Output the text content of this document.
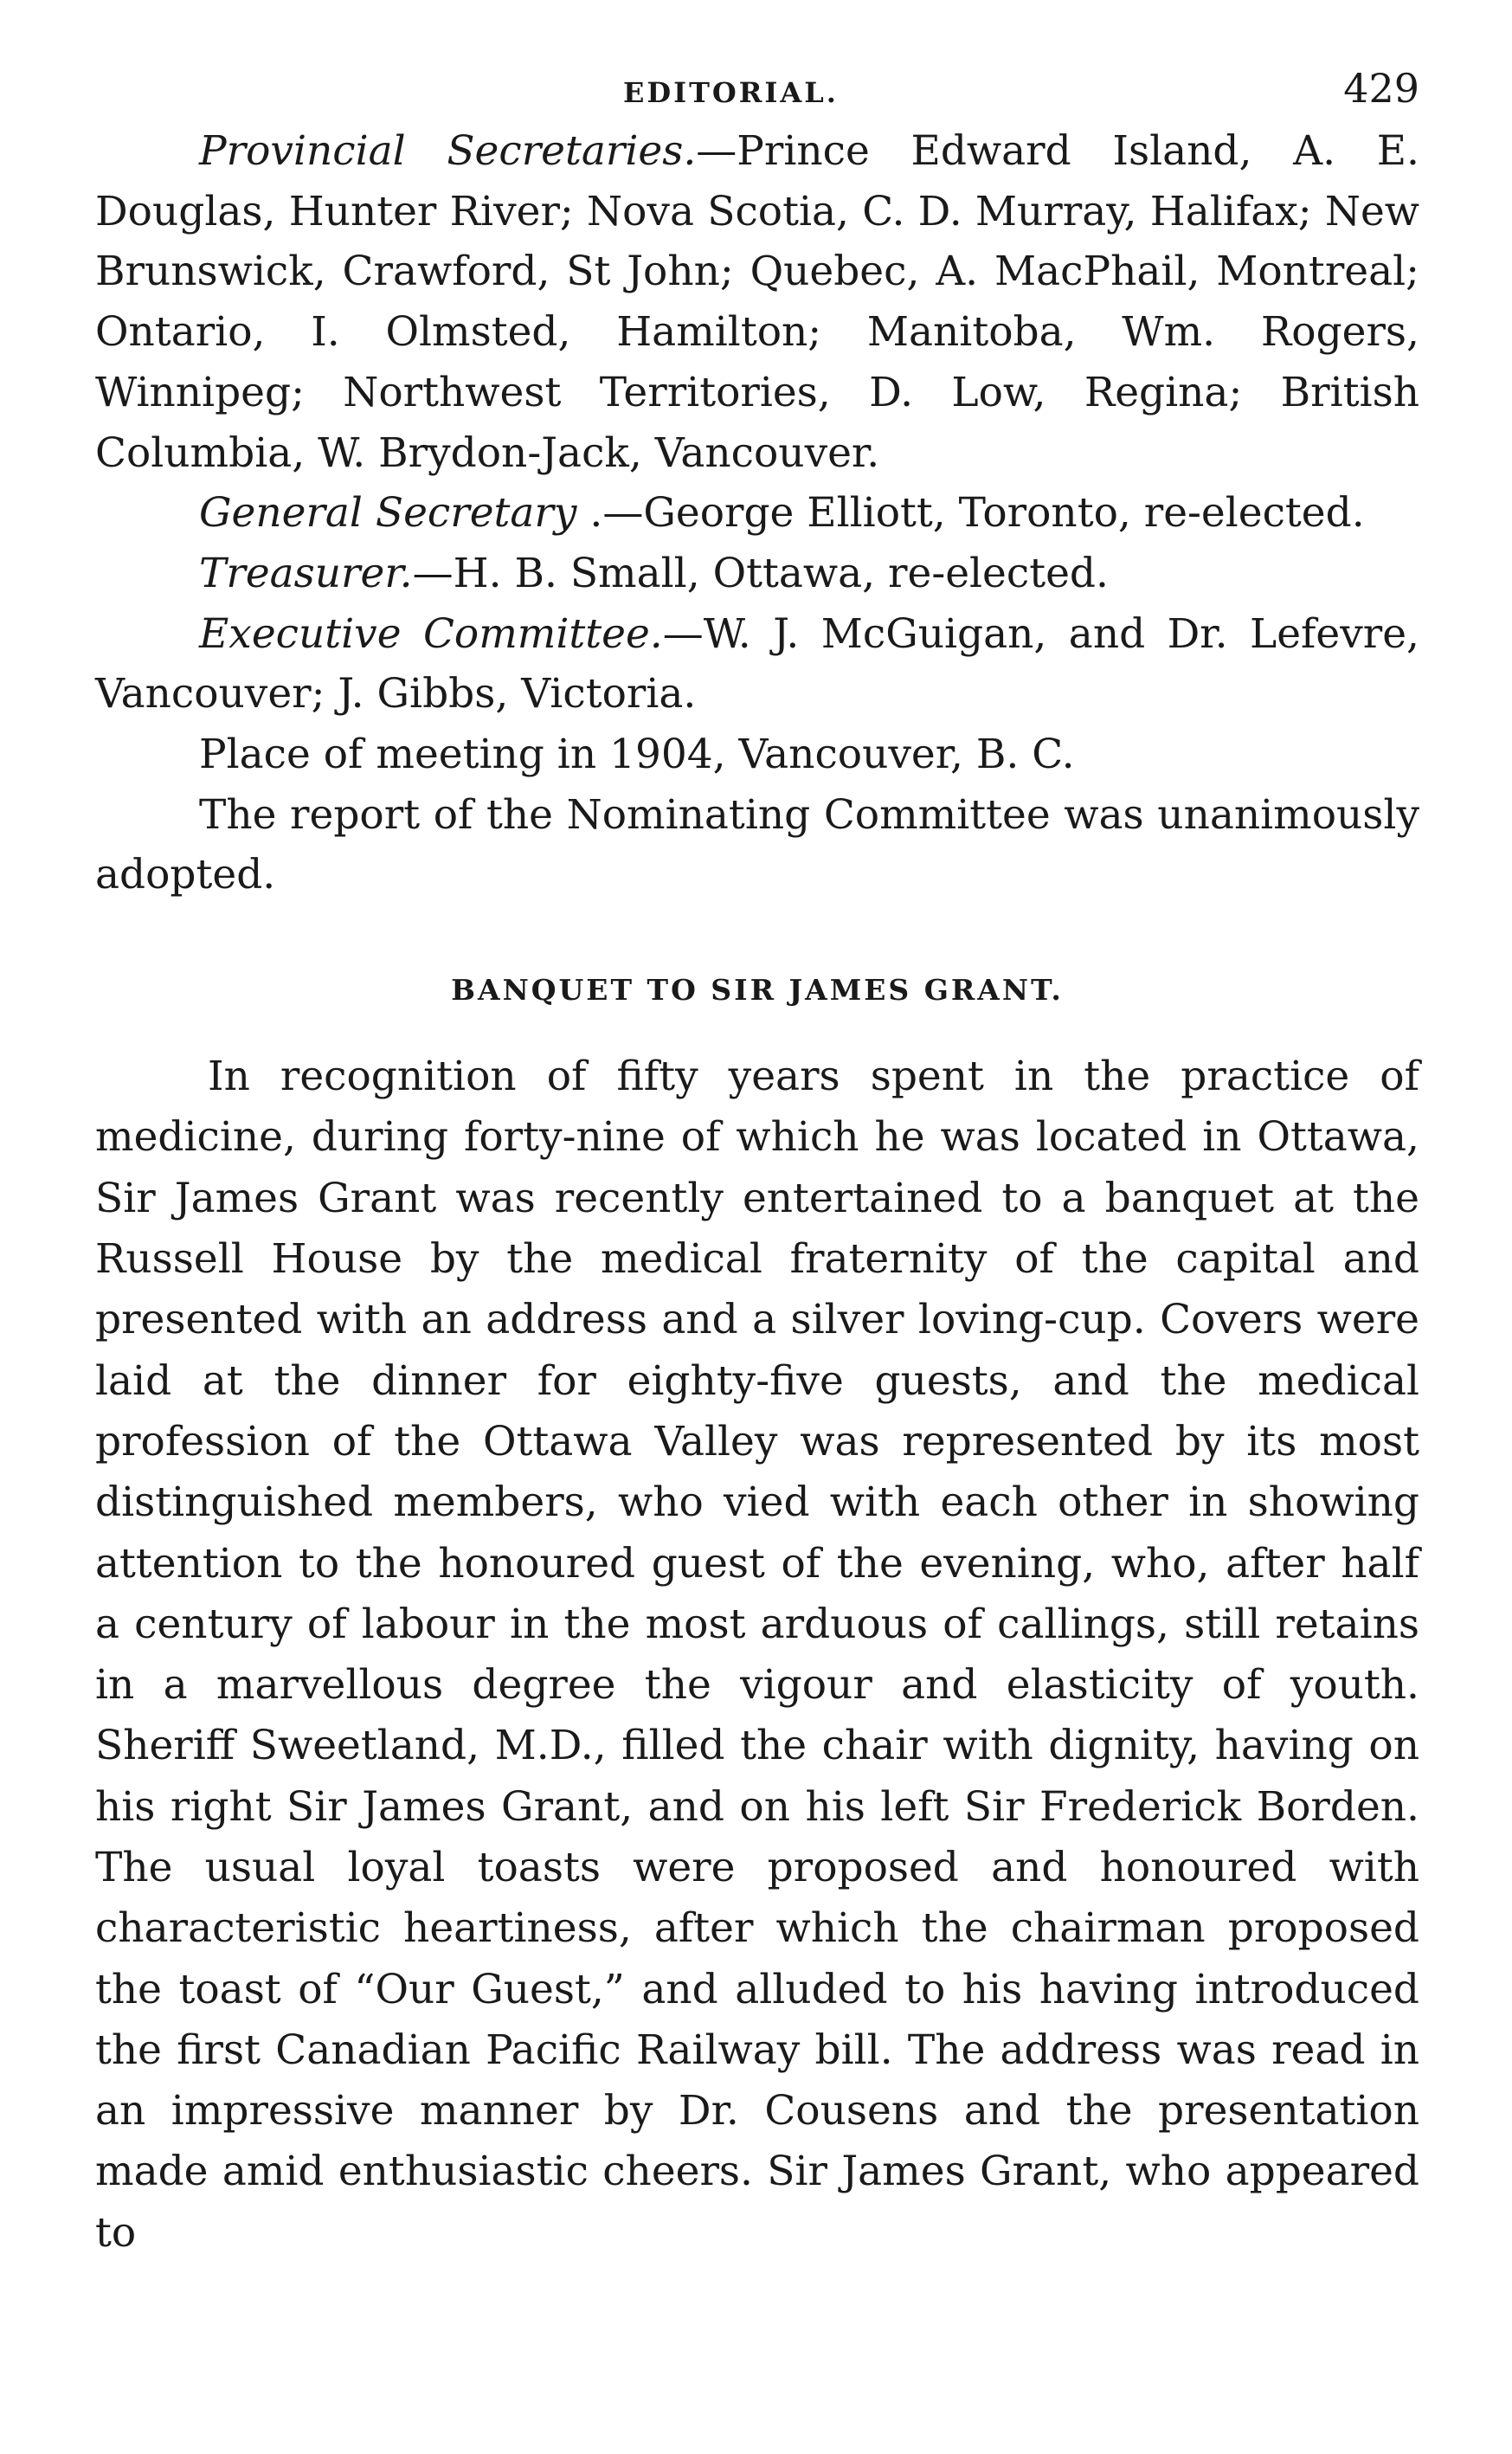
EDITORIAL.	429

Provincial Secretaries.—Prince Edward Island, A. E. Douglas, Hunter River; Nova Scotia, C. D. Murray, Halifax; New Brunswick, Crawford, St John; Quebec, A. MacPhail, Montreal; Ontario, I. Olmsted, Hamilton; Manitoba, Wm. Rogers, Winnipeg; Northwest Territories, D. Low, Regina; British Columbia, W. Brydon-Jack, Vancouver.

General Secretary .—George Elliott, Toronto, re-elected.

Treasurer.—H. B. Small, Ottawa, re-elected.

Executive Committee.—W. J. McGuigan, and Dr. Lefevre, Vancouver; J. Gibbs, Victoria.

Place of meeting in 1904, Vancouver, B. C.

The report of the Nominating Committee was unanimously adopted.

BANQUET TO SIR JAMES GRANT.

In recognition of fifty years spent in the practice of medicine, during forty-nine of which he was located in Ottawa, Sir James Grant was recently entertained to a banquet at the Russell House by the medical fraternity of the capital and presented with an address and a silver loving-cup. Covers were laid at the dinner for eighty-five guests, and the medical profession of the Ottawa Valley was represented by its most distinguished members, who vied with each other in showing attention to the honoured guest of the evening, who, after half a century of labour in the most arduous of callings, still retains in a marvellous degree the vigour and elasticity of youth. Sheriff Sweetland, M.D., filled the chair with dignity, having on his right Sir James Grant, and on his left Sir Frederick Borden. The usual loyal toasts were proposed and honoured with characteristic heartiness, after which the chairman proposed the toast of “Our Guest,” and alluded to his having introduced the first Canadian Pacific Railway bill. The address was read in an impressive manner by Dr. Cousens and the presentation made amid enthusiastic cheers. Sir James Grant, who appeared to
